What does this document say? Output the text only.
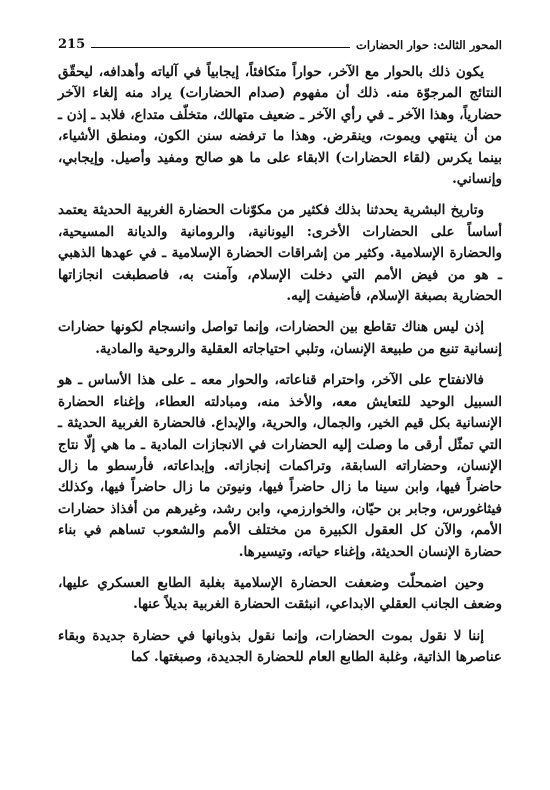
المحور الثالث: حوار الحضارات
215

يكون ذلك بالحوار مع الآخر، حواراً متكافئاً، إيجابياً في آلياته وأهدافه، ليحقّق النتائج المرجوّة منه. ذلك أن مفهوم (صدام الحضارات) يراد منه إلغاء الآخر حضارياً، وهذا الآخر ـ في رأي الآخر ـ ضعيف متهالك، متخلّف متداع، فلابد ـ إذن ـ من أن ينتهي ويموت، وينقرض. وهذا ما ترفضه سنن الكون، ومنطق الأشياء، بينما يكرس (لقاء الحضارات) الابقاء على ما هو صالح ومفيد وأصيل. وإيجابي، وإنساني.

وتاريخ البشرية يحدثنا بذلك فكثير من مكوّنات الحضارة الغربية الحديثة يعتمد أساساً على الحضارات الأخرى: اليونانية، والرومانية والديانة المسيحية، والحضارة الإسلامية. وكثير من إشراقات الحضارة الإسلامية ـ في عهدها الذهبي ـ هو من فيض الأمم التي دخلت الإسلام، وآمنت به، فاصطبغت انجازاتها الحضارية بصبغة الإسلام، فأضيفت إليه.

إذن ليس هناك تقاطع بين الحضارات، وإنما تواصل وانسجام لكونها حضارات إنسانية تنبع من طبيعة الإنسان، وتلبي احتياجاته العقلية والروحية والمادية.

فالانفتاح على الآخر، واحترام قناعاته، والحوار معه ـ على هذا الأساس ـ هو السبيل الوحيد للتعايش معه، والأخذ منه، ومبادلته العطاء، وإغناء الحضارة الإنسانية بكل قيم الخير، والجمال، والحرية، والإبداع. فالحضارة الغربية الحديثة ـ التي تمثّل أرقى ما وصلت إليه الحضارات في الانجازات المادية ـ ما هي إلّا نتاج الإنسان، وحضاراته السابقة، وتراكمات إنجازاته. وإبداعاته، فأرسطو ما زال حاضراً فيها، وابن سينا ما زال حاضراً فيها، ونيوتن ما زال حاضراً فيها، وكذلك فيثاغورس، وجابر بن حيّان، والخوارزمي، وابن رشد، وغيرهم من أفذاذ حضارات الأمم، والآن كل العقول الكبيرة من مختلف الأمم والشعوب تساهم في بناء حضارة الإنسان الحديثة، وإغناء حياته، وتيسيرها.

وحين اضمحلّت وضعفت الحضارة الإسلامية بغلبة الطابع العسكري عليها، وضعف الجانب العقلي الابداعي، انبثقت الحضارة الغربية بديلاً عنها.

إننا لا نقول بموت الحضارات، وإنما نقول بذوبانها في حضارة جديدة وبقاء عناصرها الذاتية، وغلبة الطابع العام للحضارة الجديدة، وصبغتها. كما
